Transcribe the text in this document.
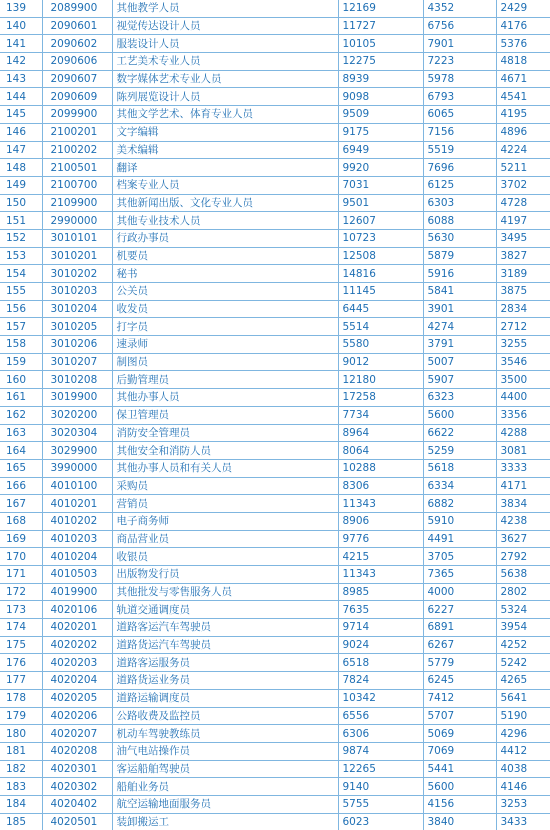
139	2089900	其他教学人员	12169	4352	2429
140	2090601	视觉传达设计人员	11727	6756	4176
141	2090602	服装设计人员	10105	7901	5376
142	2090606	工艺美术专业人员	12275	7223	4818
143	2090607	数字媒体艺术专业人员	8939	5978	4671
144	2090609	陈列展览设计人员	9098	6793	4541
145	2099900	其他文学艺术、体育专业人员	9509	6065	4195
146	2100201	文字编辑	9175	7156	4896
147	2100202	美术编辑	6949	5519	4224
148	2100501	翻译	9920	7696	5211
149	2100700	档案专业人员	7031	6125	3702
150	2109900	其他新闻出版、文化专业人员	9501	6303	4728
151	2990000	其他专业技术人员	12607	6088	4197
152	3010101	行政办事员	10723	5630	3495
153	3010201	机要员	12508	5879	3827
154	3010202	秘书	14816	5916	3189
155	3010203	公关员	11145	5841	3875
156	3010204	收发员	6445	3901	2834
157	3010205	打字员	5514	4274	2712
158	3010206	速录师	5580	3791	3255
159	3010207	制图员	9012	5007	3546
160	3010208	后勤管理员	12180	5907	3500
161	3019900	其他办事人员	17258	6323	4400
162	3020200	保卫管理员	7734	5600	3356
163	3020304	消防安全管理员	8964	6622	4288
164	3029900	其他安全和消防人员	8064	5259	3081
165	3990000	其他办事人员和有关人员	10288	5618	3333
166	4010100	采购员	8306	6334	4171
167	4010201	营销员	11343	6882	3834
168	4010202	电子商务师	8906	5910	4238
169	4010203	商品营业员	9776	4491	3627
170	4010204	收银员	4215	3705	2792
171	4010503	出版物发行员	11343	7365	5638
172	4019900	其他批发与零售服务人员	8985	4000	2802
173	4020106	轨道交通调度员	7635	6227	5324
174	4020201	道路客运汽车驾驶员	9714	6891	3954
175	4020202	道路货运汽车驾驶员	9024	6267	4252
176	4020203	道路客运服务员	6518	5779	5242
177	4020204	道路货运业务员	7824	6245	4265
178	4020205	道路运输调度员	10342	7412	5641
179	4020206	公路收费及监控员	6556	5707	5190
180	4020207	机动车驾驶教练员	6306	5069	4296
181	4020208	油气电站操作员	9874	7069	4412
182	4020301	客运船舶驾驶员	12265	5441	4038
183	4020302	船舶业务员	9140	5600	4146
184	4020402	航空运输地面服务员	5755	4156	3253
185	4020501	装卸搬运工	6023	3840	3433
